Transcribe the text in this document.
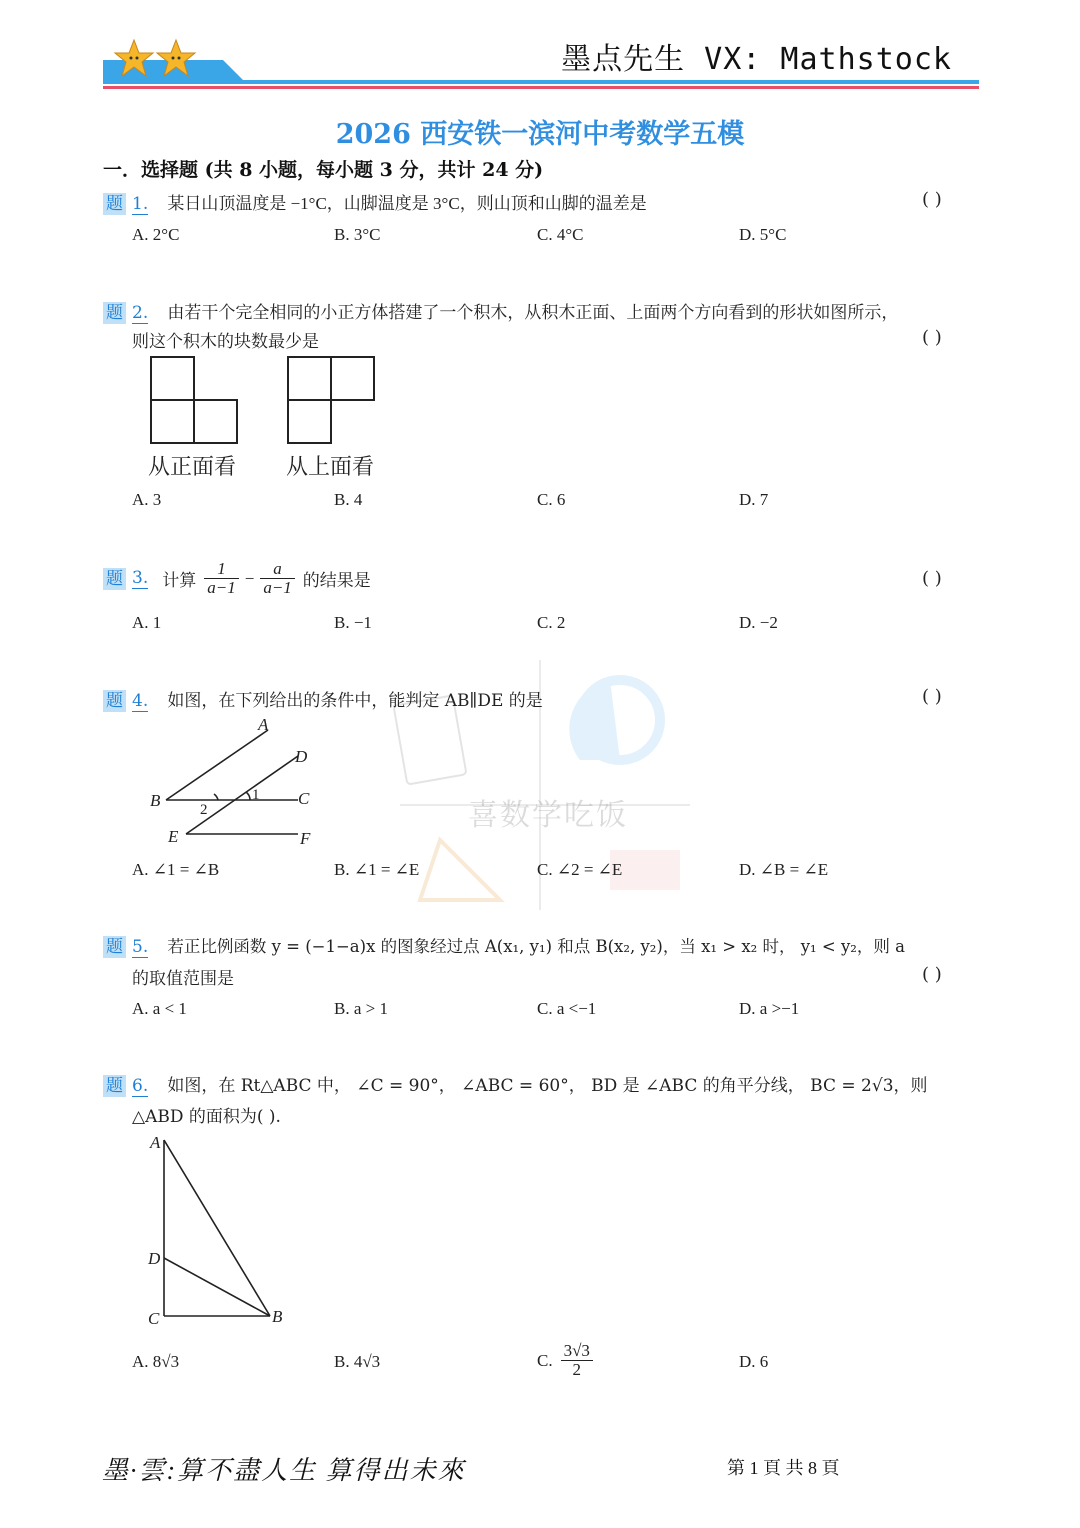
墨点先生 VX: Mathstock
2026 西安铁一滨河中考数学五模
一．选择题 (共 8 小题，每小题 3 分，共计 24 分)
喜数学吃饭
题 1. 某日山顶温度是 −1°C，山脚温度是 3°C，则山顶和山脚的温差是	( )
A. 2°C	B. 3°C	C. 4°C	D. 5°C
题 2. 由若干个完全相同的小正方体搭建了一个积木，从积木正面、上面两个方向看到的形状如图所示，
则这个积木的块数最少是	( )
从正面看 从上面看
A. 3	B. 4	C. 6	D. 7
题 3. 计算 $\frac{1}{a-1} - \frac{a}{a-1}$ 的结果是	( )
A. 1	B. −1	C. 2	D. −2
题 4. 如图，在下列给出的条件中，能判定 AB∥DE 的是	( )
A
D
B	C
E	F
1
2
A. ∠1 = ∠B	B. ∠1 = ∠E	C. ∠2 = ∠E	D. ∠B = ∠E
题 5. 若正比例函数 y = (−1−a)x 的图象经过点 A(x₁, y₁) 和点 B(x₂, y₂)，当 x₁ > x₂ 时， y₁ < y₂，则 a
的取值范围是	( )
A. a < 1	B. a > 1	C. a <−1	D. a >−1
题 6. 如图，在 Rt△ABC 中， ∠C = 90°， ∠ABC = 60°， BD 是 ∠ABC 的角平分线， BC = 2√3，则
△ABD 的面积为( ).
A
D
C	B
A. 8√3	B. 4√3	C. $\frac{3√3}{2}$	D. 6
墨·雲:算不盡人生 算得出未來	第 1 頁 共 8 頁
